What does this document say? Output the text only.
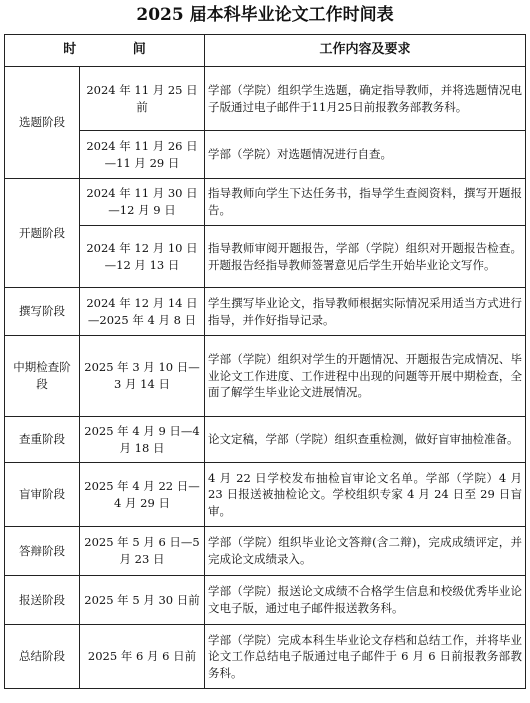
2025 届本科毕业论文工作时间表
时 间		工作内容及要求
选题阶段	2024 年 11 月 25 日前	学部（学院）组织学生选题，确定指导教师，并将选题情况电子版通过电子邮件于11月25日前报教务部教务科。
	2024 年 11 月 26 日—11 月 29 日	学部（学院）对选题情况进行自查。
开题阶段	2024 年 11 月 30 日—12 月 9 日	指导教师向学生下达任务书，指导学生查阅资料，撰写开题报告。
	2024 年 12 月 10 日—12 月 13 日	指导教师审阅开题报告，学部（学院）组织对开题报告检查。开题报告经指导教师签署意见后学生开始毕业论文写作。
撰写阶段	2024 年 12 月 14 日—2025 年 4 月 8 日	学生撰写毕业论文，指导教师根据实际情况采用适当方式进行指导，并作好指导记录。
中期检查阶段	2025 年 3 月 10 日—3 月 14 日	学部（学院）组织对学生的开题情况、开题报告完成情况、毕业论文工作进度、工作进程中出现的问题等开展中期检查，全面了解学生毕业论文进展情况。
查重阶段	2025 年 4 月 9 日—4 月 18 日	论文定稿，学部（学院）组织查重检测，做好盲审抽检准备。
盲审阶段	2025 年 4 月 22 日—4 月 29 日	4 月 22 日学校发布抽检盲审论文名单。学部（学院）4 月 23 日报送被抽检论文。学校组织专家 4 月 24 日至 29 日盲审。
答辩阶段	2025 年 5 月 6 日—5 月 23 日	学部（学院）组织毕业论文答辩(含二辩)，完成成绩评定，并完成论文成绩录入。
报送阶段	2025 年 5 月 30 日前	学部（学院）报送论文成绩不合格学生信息和校级优秀毕业论文电子版，通过电子邮件报送教务科。
总结阶段	2025 年 6 月 6 日前	学部（学院）完成本科生毕业论文存档和总结工作，并将毕业论文工作总结电子版通过电子邮件于 6 月 6 日前报教务部教务科。
